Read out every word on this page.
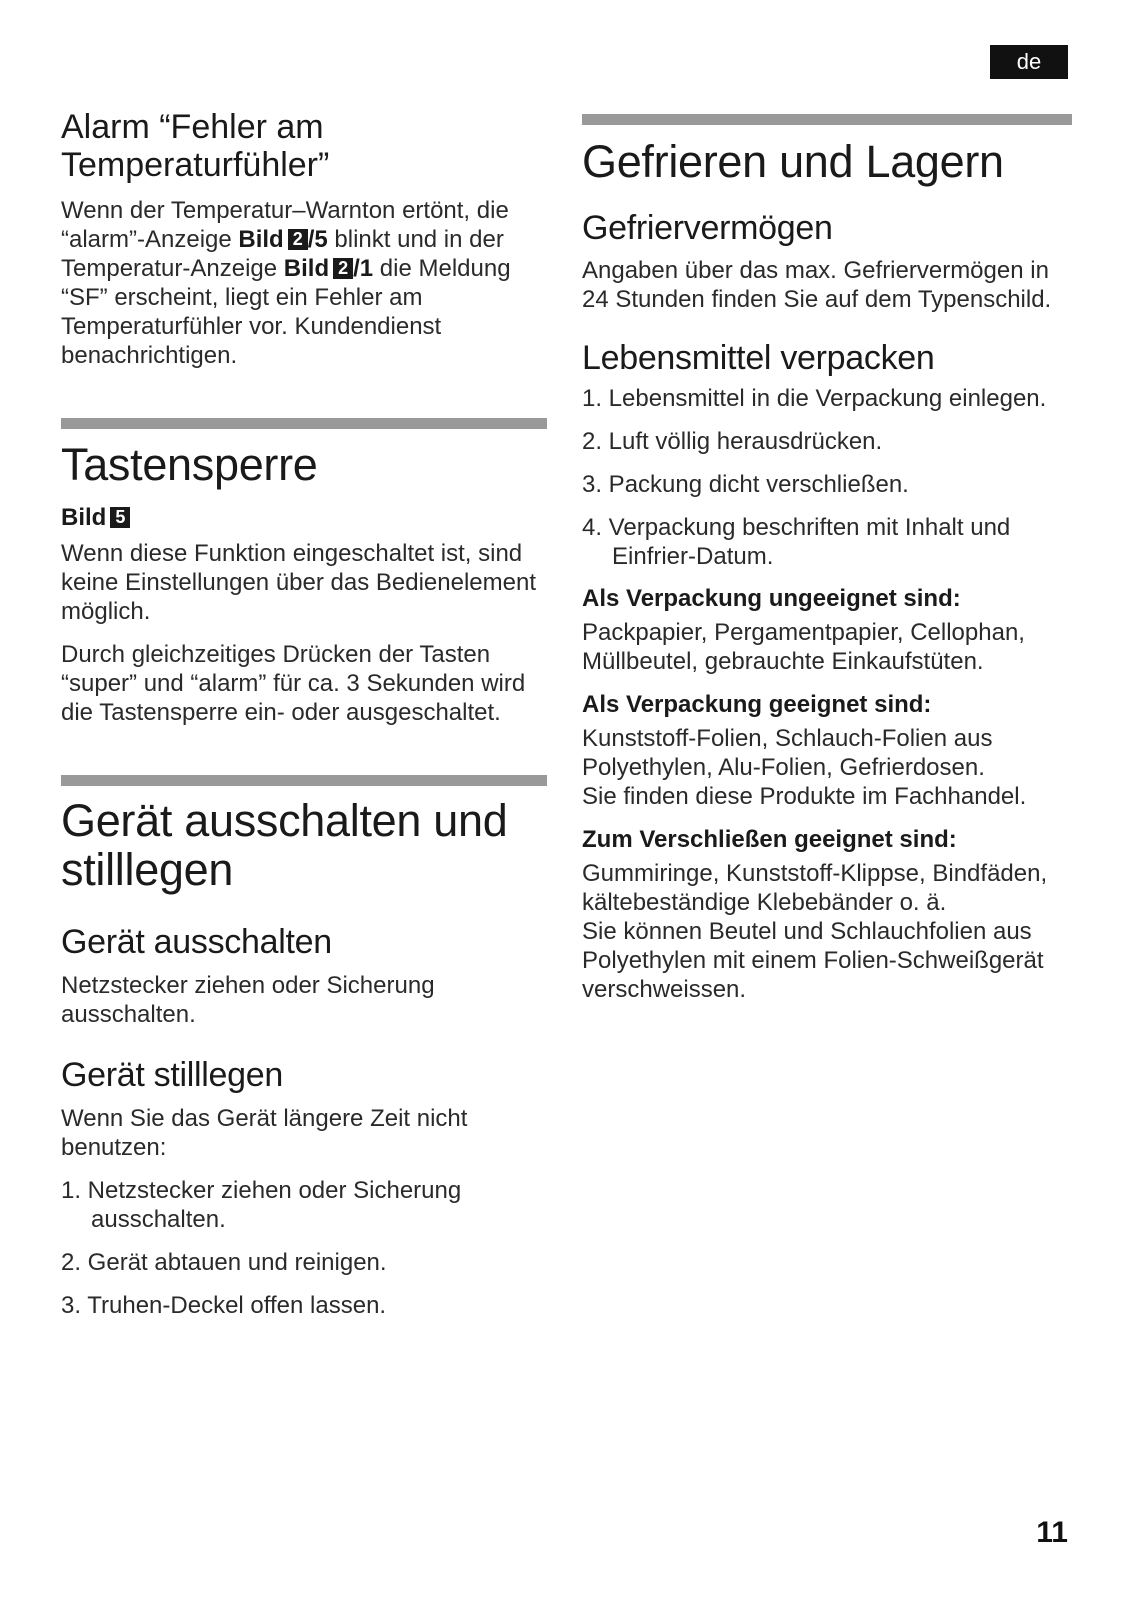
de
Alarm “Fehler am
Temperaturfühler”

Wenn der Temperatur–Warnton ertönt, die “alarm”-Anzeige Bild 2 /5 blinkt und in der Temperatur-Anzeige Bild 2 /1 die Meldung “SF” erscheint, liegt ein Fehler am Temperaturfühler vor. Kundendienst benachrichtigen.

Tastensperre

Bild 5

Wenn diese Funktion eingeschaltet ist, sind keine Einstellungen über das Bedienelement möglich.

Durch gleichzeitiges Drücken der Tasten “super” und “alarm” für ca. 3 Sekunden wird die Tastensperre ein- oder ausgeschaltet.

Gerät ausschalten und
stilllegen
Gerät ausschalten

Netzstecker ziehen oder Sicherung ausschalten.

Gerät stilllegen

Wenn Sie das Gerät längere Zeit nicht benutzen:

1. Netzstecker ziehen oder Sicherung ausschalten.
2. Gerät abtauen und reinigen.
3. Truhen-Deckel offen lassen.
Gefrieren und Lagern
Gefriervermögen

Angaben über das max. Gefriervermögen in 24 Stunden finden Sie auf dem Typenschild.

Lebensmittel verpacken
1. Lebensmittel in die Verpackung einlegen.
2. Luft völlig herausdrücken.
3. Packung dicht verschließen.
4. Verpackung beschriften mit Inhalt und Einfrier-Datum.

Als Verpackung ungeeignet sind:

Packpapier, Pergamentpapier, Cellophan, Müllbeutel, gebrauchte Einkaufstüten.

Als Verpackung geeignet sind:

Kunststoff-Folien, Schlauch-Folien aus Polyethylen, Alu-Folien, Gefrierdosen.

Sie finden diese Produkte im Fachhandel.

Zum Verschließen geeignet sind:

Gummiringe, Kunststoff-Klippse, Bindfäden, kältebeständige Klebebänder o. ä.

Sie können Beutel und Schlauchfolien aus Polyethylen mit einem Folien-Schweißgerät verschweissen.

11
